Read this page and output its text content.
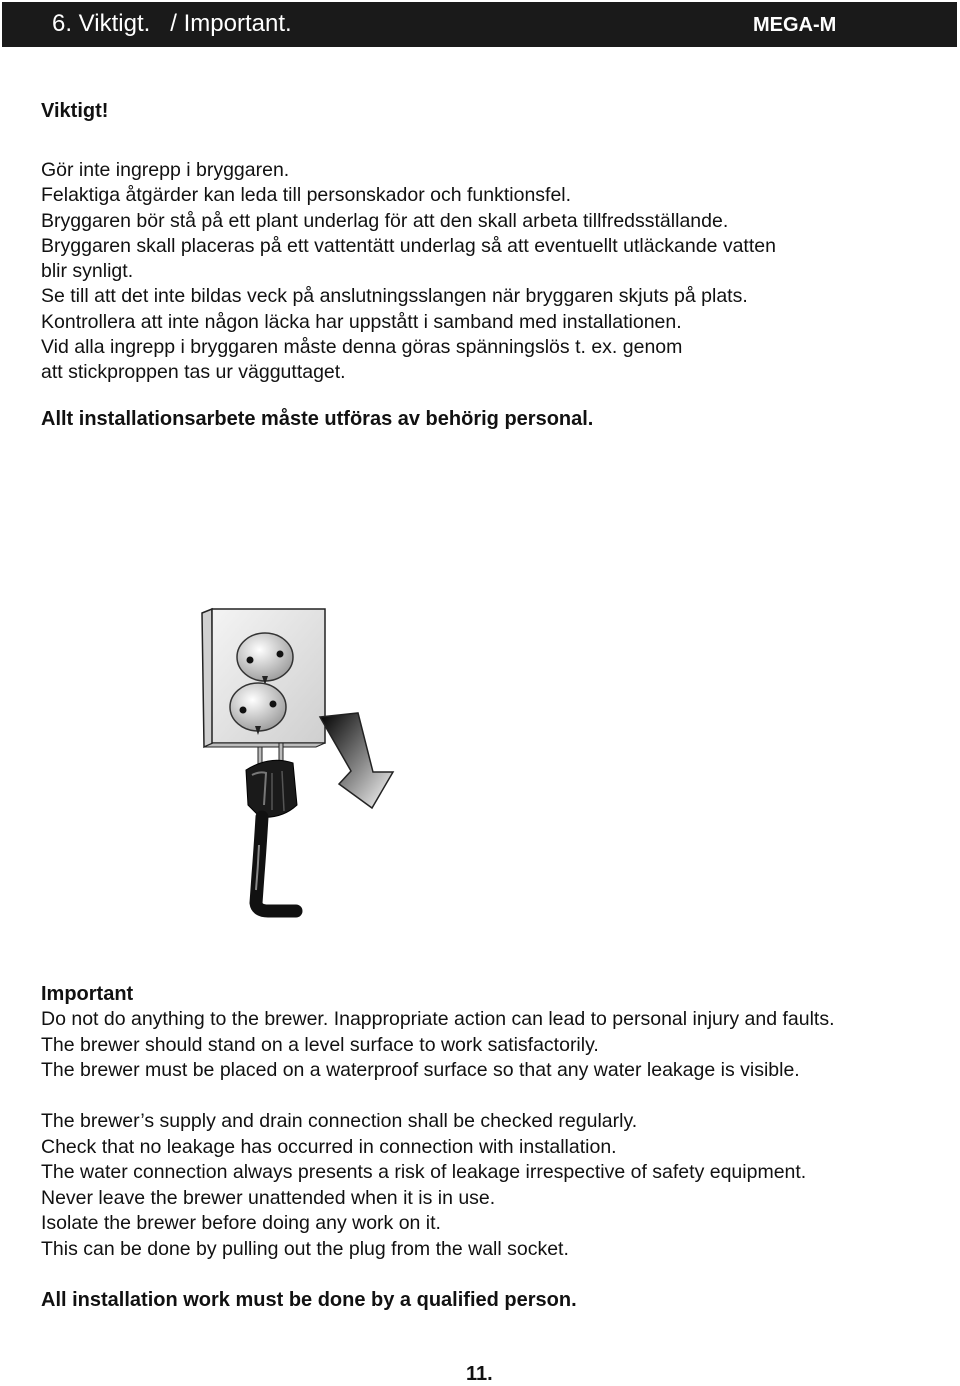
6. Viktigt.   / Important.	MEGA-M

Viktigt!

Gör inte ingrepp i bryggaren.

Felaktiga åtgärder kan leda till personskador och funktionsfel.

Bryggaren bör stå på ett plant underlag för att den skall arbeta tillfredsställande.

Bryggaren skall placeras på ett vattentätt underlag så att eventuellt utläckande vatten

blir synligt.

Se till att det inte bildas veck på anslutningsslangen när bryggaren skjuts på plats.

Kontrollera att inte någon läcka har uppstått i samband med installationen.

Vid alla ingrepp i bryggaren måste denna göras spänningslös t. ex. genom

att stickproppen tas ur vägguttaget.

Allt installationsarbete måste utföras av behörig personal.

Important

Do not do anything to the brewer. Inappropriate action can lead to personal injury and faults.

The brewer should stand on a level surface to work satisfactorily.

The brewer must be placed on a waterproof surface so that any water leakage is visible.

The brewer’s supply and drain connection shall be checked regularly.

Check that no leakage has occurred in connection with installation.

The water connection always presents a risk of leakage irrespective of safety equipment.

Never leave the brewer unattended when it is in use.

Isolate the brewer before doing any work on it.

This can be done by pulling out the plug from the wall socket.

All installation work must be done by a qualified person.

11.
